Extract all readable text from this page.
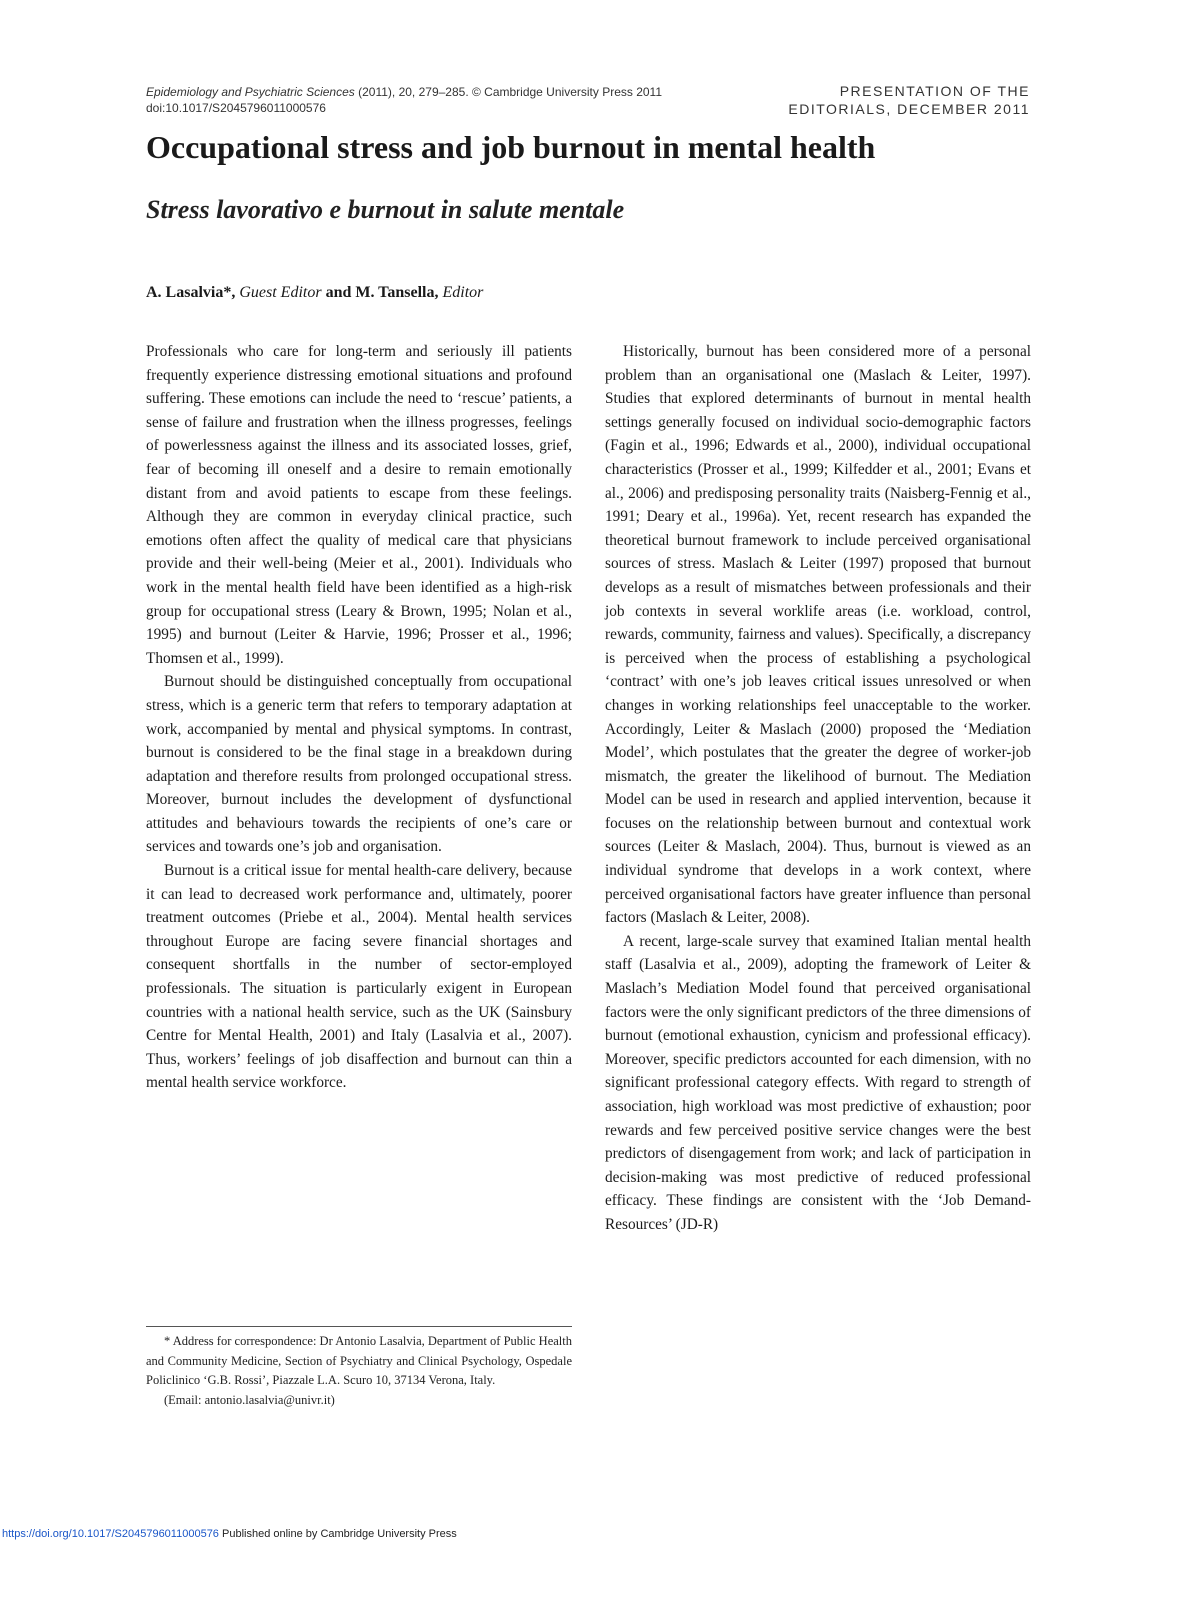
Epidemiology and Psychiatric Sciences (2011), 20, 279–285. © Cambridge University Press 2011
doi:10.1017/S2045796011000576
PRESENTATION OF THE
EDITORIALS, DECEMBER 2011
Occupational stress and job burnout in mental health
Stress lavorativo e burnout in salute mentale

A. Lasalvia*, Guest Editor and M. Tansella, Editor

Professionals who care for long-term and seriously ill patients frequently experience distressing emotional situations and profound suffering. These emotions can include the need to ‘rescue’ patients, a sense of failure and frustration when the illness progresses, feelings of powerlessness against the illness and its associated losses, grief, fear of becoming ill oneself and a desire to remain emotionally distant from and avoid patients to escape from these feelings. Although they are common in everyday clinical practice, such emotions often affect the quality of medical care that physicians provide and their well-being (Meier et al., 2001). Individuals who work in the mental health field have been identified as a high-risk group for occupational stress (Leary & Brown, 1995; Nolan et al., 1995) and burnout (Leiter & Harvie, 1996; Prosser et al., 1996; Thomsen et al., 1999).

Burnout should be distinguished conceptually from occupational stress, which is a generic term that refers to temporary adaptation at work, accompanied by mental and physical symptoms. In contrast, burnout is considered to be the final stage in a breakdown during adaptation and therefore results from prolonged occupational stress. Moreover, burnout includes the development of dysfunctional attitudes and behaviours towards the recipients of one’s care or services and towards one’s job and organisation.

Burnout is a critical issue for mental health-care delivery, because it can lead to decreased work performance and, ultimately, poorer treatment outcomes (Priebe et al., 2004). Mental health services throughout Europe are facing severe financial shortages and consequent shortfalls in the number of sector-employed professionals. The situation is particularly exigent in European countries with a national health service, such as the UK (Sainsbury Centre for Mental Health, 2001) and Italy (Lasalvia et al., 2007). Thus, workers’ feelings of job disaffection and burnout can thin a mental health service workforce.

* Address for correspondence: Dr Antonio Lasalvia, Department of Public Health and Community Medicine, Section of Psychiatry and Clinical Psychology, Ospedale Policlinico ‘G.B. Rossi’, Piazzale L.A. Scuro 10, 37134 Verona, Italy.

(Email: antonio.lasalvia@univr.it)

Historically, burnout has been considered more of a personal problem than an organisational one (Maslach & Leiter, 1997). Studies that explored determinants of burnout in mental health settings generally focused on individual socio-demographic factors (Fagin et al., 1996; Edwards et al., 2000), individual occupational characteristics (Prosser et al., 1999; Kilfedder et al., 2001; Evans et al., 2006) and predisposing personality traits (Naisberg-Fennig et al., 1991; Deary et al., 1996a). Yet, recent research has expanded the theoretical burnout framework to include perceived organisational sources of stress. Maslach & Leiter (1997) proposed that burnout develops as a result of mismatches between professionals and their job contexts in several worklife areas (i.e. workload, control, rewards, community, fairness and values). Specifically, a discrepancy is perceived when the process of establishing a psychological ‘contract’ with one’s job leaves critical issues unresolved or when changes in working relationships feel unacceptable to the worker. Accordingly, Leiter & Maslach (2000) proposed the ‘Mediation Model’, which postulates that the greater the degree of worker-job mismatch, the greater the likelihood of burnout. The Mediation Model can be used in research and applied intervention, because it focuses on the relationship between burnout and contextual work sources (Leiter & Maslach, 2004). Thus, burnout is viewed as an individual syndrome that develops in a work context, where perceived organisational factors have greater influence than personal factors (Maslach & Leiter, 2008).

A recent, large-scale survey that examined Italian mental health staff (Lasalvia et al., 2009), adopting the framework of Leiter & Maslach’s Mediation Model found that perceived organisational factors were the only significant predictors of the three dimensions of burnout (emotional exhaustion, cynicism and professional efficacy). Moreover, specific predictors accounted for each dimension, with no significant professional category effects. With regard to strength of association, high workload was most predictive of exhaustion; poor rewards and few perceived positive service changes were the best predictors of disengagement from work; and lack of participation in decision-making was most predictive of reduced professional efficacy. These findings are consistent with the ‘Job Demand-Resources’ (JD-R)

https://doi.org/10.1017/S2045796011000576 Published online by Cambridge University Press
